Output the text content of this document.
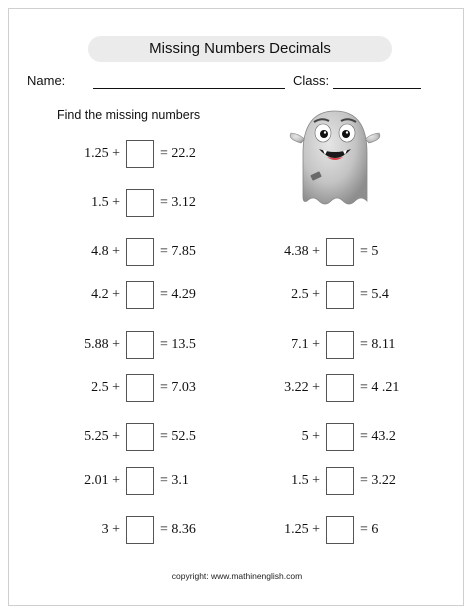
Missing Numbers Decimals
Name:	Class:
Find the missing numbers
1.25 +	= 22.2
1.5 +	= 3.12
4.8 +	= 7.85
4.2 +	= 4.29
5.88 +	= 13.5
2.5 +	= 7.03
5.25 +	= 52.5
2.01 +	= 3.1
3 +	= 8.36
4.38 +	= 5
2.5 +	= 5.4
7.1 +	= 8.11
3.22 +	= 4 .21
5 +	= 43.2
1.5 +	= 3.22
1.25 +	= 6
copyright: www.mathinenglish.com
